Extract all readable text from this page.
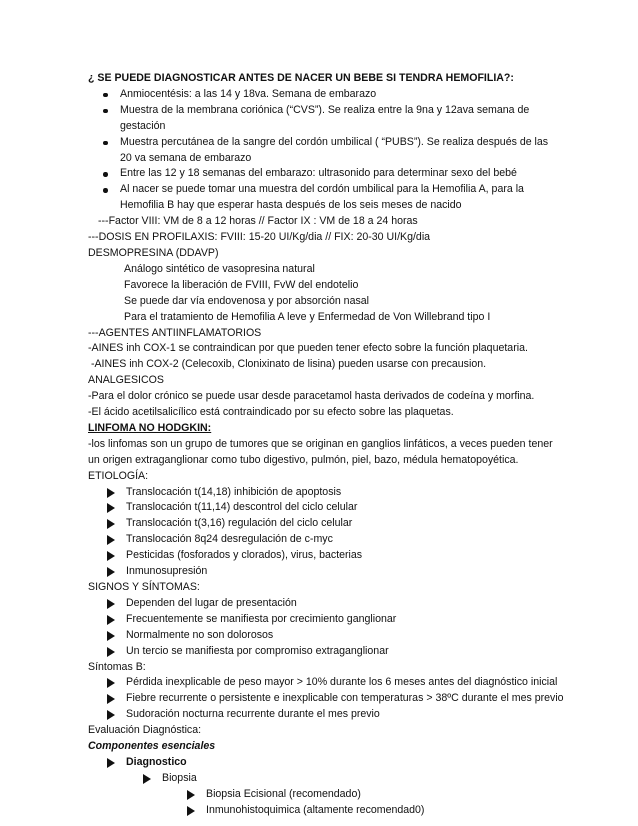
¿ SE PUEDE DIAGNOSTICAR ANTES DE NACER UN BEBE SI TENDRA HEMOFILIA?:
Anmiocentésis: a las 14 y 18va. Semana de embarazo
Muestra de la membrana coriónica (“CVS”). Se realiza entre la 9na y 12ava semana de gestación
Muestra percutánea de la sangre del cordón umbilical ( “PUBS”). Se realiza después de las 20 va semana de embarazo
Entre las 12 y 18 semanas del embarazo: ultrasonido para determinar sexo del bebé
Al nacer se puede tomar una muestra del cordón umbilical para la Hemofilia A, para la Hemofilia B hay que esperar hasta después de los seis meses de nacido
---Factor VIII: VM de 8 a 12 horas // Factor IX : VM de 18 a 24 horas
---DOSIS EN PROFILAXIS: FVIII: 15-20 UI/Kg/dia // FIX: 20-30 UI/Kg/dia
DESMOPRESINA (DDAVP)
Análogo sintético de vasopresina natural
Favorece la liberación de FVIII, FvW del endotelio
Se puede dar vía endovenosa y por absorción nasal
Para el tratamiento de Hemofilia A leve y Enfermedad de Von Willebrand tipo I
---AGENTES ANTIINFLAMATORIOS
-AINES inh COX-1 se contraindican por que pueden tener efecto sobre la función plaquetaria.
-AINES inh COX-2 (Celecoxib, Clonixinato de lisina) pueden usarse con precausion.
ANALGESICOS
-Para el dolor crónico se puede usar desde paracetamol hasta derivados de codeína y morfina.
-El ácido acetilsalicílico está contraindicado por su efecto sobre las plaquetas.
LINFOMA NO HODGKIN:
-los linfomas son un grupo de tumores que se originan en ganglios linfáticos, a veces pueden tener un origen extraganglionar como tubo digestivo, pulmón, piel, bazo, médula hematopoyética.
ETIOLOGÍA:
Translocación t(14,18) inhibición de apoptosis
Translocación t(11,14) descontrol del ciclo celular
Translocación t(3,16) regulación del ciclo celular
Translocación 8q24 desregulación de c-myc
Pesticidas (fosforados y clorados), virus, bacterias
Inmunosupresión
SIGNOS Y SÍNTOMAS:
Dependen del lugar de presentación
Frecuentemente se manifiesta por crecimiento ganglionar
Normalmente no son dolorosos
Un tercio se manifiesta por compromiso extraganglionar
Síntomas B:
Pérdida inexplicable de peso mayor > 10% durante los 6 meses antes del diagnóstico inicial
Fiebre recurrente o persistente e inexplicable con temperaturas > 38ºC durante el mes previo
Sudoración nocturna recurrente durante el mes previo
Evaluación Diagnóstica:
Componentes esenciales
Diagnostico
Biopsia
Biopsia Ecisional (recomendado)
Inmunohistoquimica (altamente recomendad0)
